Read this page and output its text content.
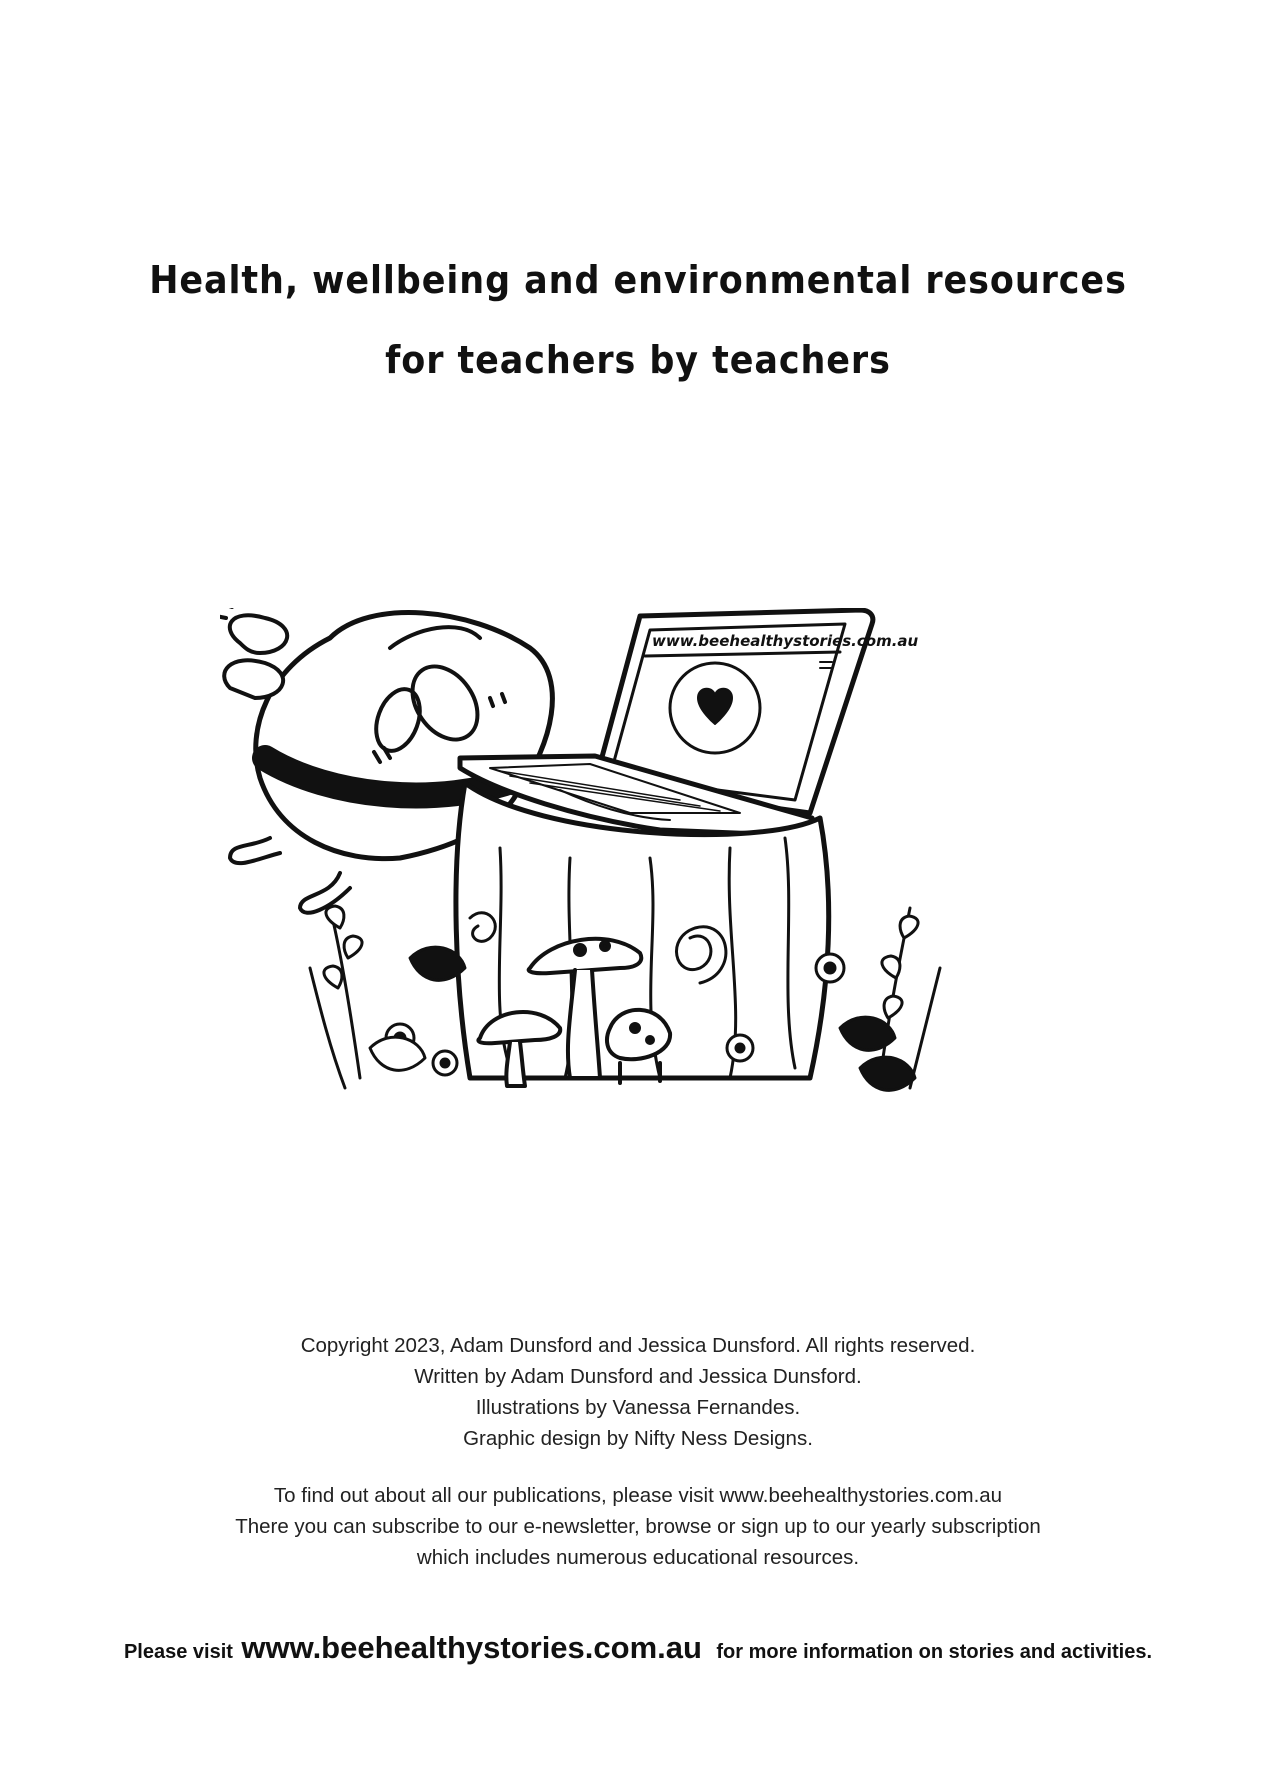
Health, wellbeing and environmental resources
for teachers by teachers
www.beehealthystories.com.au
Copyright 2023, Adam Dunsford and Jessica Dunsford. All rights reserved.
Written by Adam Dunsford and Jessica Dunsford.
Illustrations by Vanessa Fernandes.
Graphic design by Nifty Ness Designs.
To find out about all our publications, please visit www.beehealthystories.com.au
There you can subscribe to our e-newsletter, browse or sign up to our yearly subscription
which includes numerous educational resources.
Please visit www.beehealthystories.com.au for more information on stories and activities.
